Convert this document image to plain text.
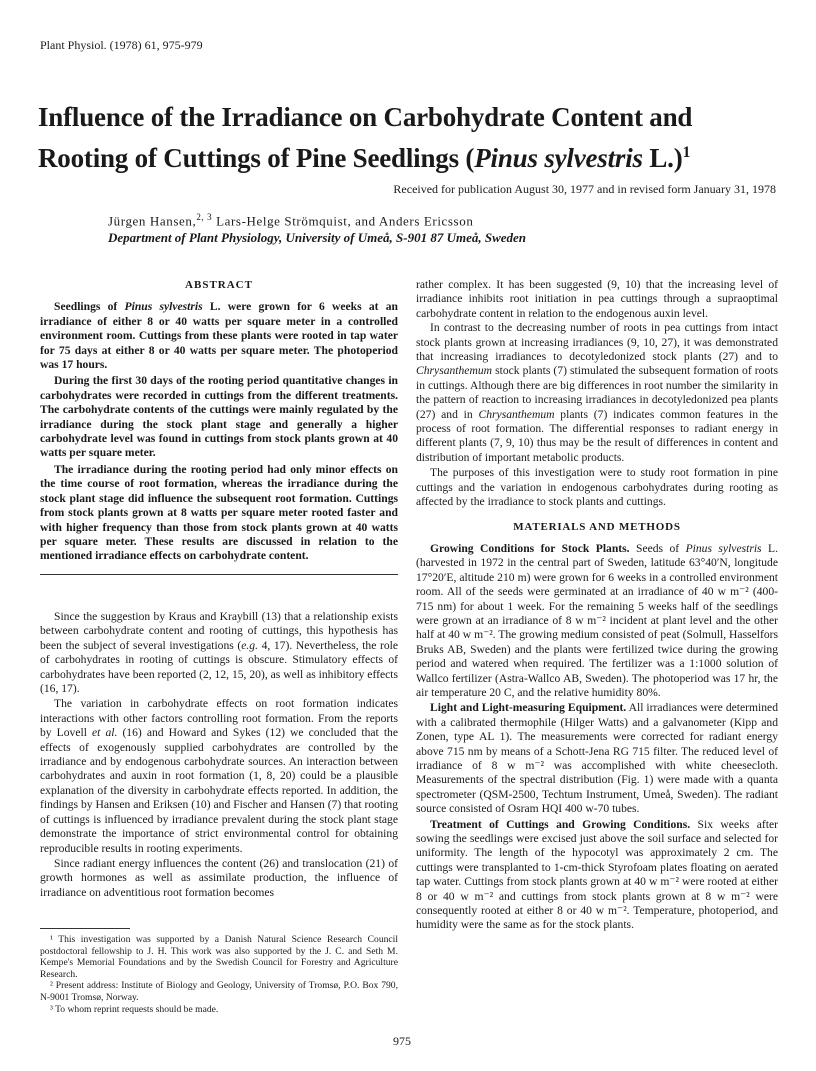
Plant Physiol. (1978) 61, 975-979
Influence of the Irradiance on Carbohydrate Content and Rooting of Cuttings of Pine Seedlings (Pinus sylvestris L.)$^1$
Received for publication August 30, 1977 and in revised form January 31, 1978
Jürgen Hansen,$^{2, 3}$ Lars-Helge Strömquist, and Anders Ericsson
Department of Plant Physiology, University of Umeå, S-901 87 Umeå, Sweden
ABSTRACT
Seedlings of Pinus sylvestris L. were grown for 6 weeks at an irradiance of either 8 or 40 watts per square meter in a controlled environment room. Cuttings from these plants were rooted in tap water for 75 days at either 8 or 40 watts per square meter. The photoperiod was 17 hours.
During the first 30 days of the rooting period quantitative changes in carbohydrates were recorded in cuttings from the different treatments. The carbohydrate contents of the cuttings were mainly regulated by the irradiance during the stock plant stage and generally a higher carbohydrate level was found in cuttings from stock plants grown at 40 watts per square meter.
The irradiance during the rooting period had only minor effects on the time course of root formation, whereas the irradiance during the stock plant stage did influence the subsequent root formation. Cuttings from stock plants grown at 8 watts per square meter rooted faster and with higher frequency than those from stock plants grown at 40 watts per square meter. These results are discussed in relation to the mentioned irradiance effects on carbohydrate content.

Since the suggestion by Kraus and Kraybill (13) that a relationship exists between carbohydrate content and rooting of cuttings, this hypothesis has been the subject of several investigations (e.g. 4, 17). Nevertheless, the role of carbohydrates in rooting of cuttings is obscure. Stimulatory effects of carbohydrates have been reported (2, 12, 15, 20), as well as inhibitory effects (16, 17).

The variation in carbohydrate effects on root formation indicates interactions with other factors controlling root formation. From the reports by Lovell et al. (16) and Howard and Sykes (12) we concluded that the effects of exogenously supplied carbohydrates are controlled by the irradiance and by endogenous carbohydrate sources. An interaction between carbohydrates and auxin in root formation (1, 8, 20) could be a plausible explanation of the diversity in carbohydrate effects reported. In addition, the findings by Hansen and Eriksen (10) and Fischer and Hansen (7) that rooting of cuttings is influenced by irradiance prevalent during the stock plant stage demonstrate the importance of strict environmental control for obtaining reproducible results in rooting experiments.

Since radiant energy influences the content (26) and translocation (21) of growth hormones as well as assimilate production, the influence of irradiance on adventitious root formation becomes

¹ This investigation was supported by a Danish Natural Science Research Council postdoctoral fellowship to J. H. This work was also supported by the J. C. and Seth M. Kempe's Memorial Foundations and by the Swedish Council for Forestry and Agriculture Research.
² Present address: Institute of Biology and Geology, University of Tromsø, P.O. Box 790, N-9001 Tromsø, Norway.
³ To whom reprint requests should be made.
rather complex. It has been suggested (9, 10) that the increasing level of irradiance inhibits root initiation in pea cuttings through a supraoptimal carbohydrate content in relation to the endogenous auxin level.

In contrast to the decreasing number of roots in pea cuttings from intact stock plants grown at increasing irradiances (9, 10, 27), it was demonstrated that increasing irradiances to decotyledonized stock plants (27) and to Chrysanthemum stock plants (7) stimulated the subsequent formation of roots in cuttings. Although there are big differences in root number the similarity in the pattern of reaction to increasing irradiances in decotyledonized pea plants (27) and in Chrysanthemum plants (7) indicates common features in the process of root formation. The differential responses to radiant energy in different plants (7, 9, 10) thus may be the result of differences in content and distribution of important metabolic products.

The purposes of this investigation were to study root formation in pine cuttings and the variation in endogenous carbohydrates during rooting as affected by the irradiance to stock plants and cuttings.

MATERIALS AND METHODS

Growing Conditions for Stock Plants. Seeds of Pinus sylvestris L. (harvested in 1972 in the central part of Sweden, latitude 63°40′N, longitude 17°20′E, altitude 210 m) were grown for 6 weeks in a controlled environment room. All of the seeds were germinated at an irradiance of 40 w m⁻² (400-715 nm) for about 1 week. For the remaining 5 weeks half of the seedlings were grown at an irradiance of 8 w m⁻² incident at plant level and the other half at 40 w m⁻². The growing medium consisted of peat (Solmull, Hasselfors Bruks AB, Sweden) and the plants were fertilized twice during the growing period and watered when required. The fertilizer was a 1:1000 solution of Wallco fertilizer (Astra-Wallco AB, Sweden). The photoperiod was 17 hr, the air temperature 20 C, and the relative humidity 80%.

Light and Light-measuring Equipment. All irradiances were determined with a calibrated thermophile (Hilger Watts) and a galvanometer (Kipp and Zonen, type AL 1). The measurements were corrected for radiant energy above 715 nm by means of a Schott-Jena RG 715 filter. The reduced level of irradiance of 8 w m⁻² was accomplished with white cheesecloth. Measurements of the spectral distribution (Fig. 1) were made with a quanta spectrometer (QSM-2500, Techtum Instrument, Umeå, Sweden). The radiant source consisted of Osram HQI 400 w-70 tubes.

Treatment of Cuttings and Growing Conditions. Six weeks after sowing the seedlings were excised just above the soil surface and selected for uniformity. The length of the hypocotyl was approximately 2 cm. The cuttings were transplanted to 1-cm-thick Styrofoam plates floating on aerated tap water. Cuttings from stock plants grown at 40 w m⁻² were rooted at either 8 or 40 w m⁻² and cuttings from stock plants grown at 8 w m⁻² were consequently rooted at either 8 or 40 w m⁻². Temperature, photoperiod, and humidity were the same as for the stock plants.

975
